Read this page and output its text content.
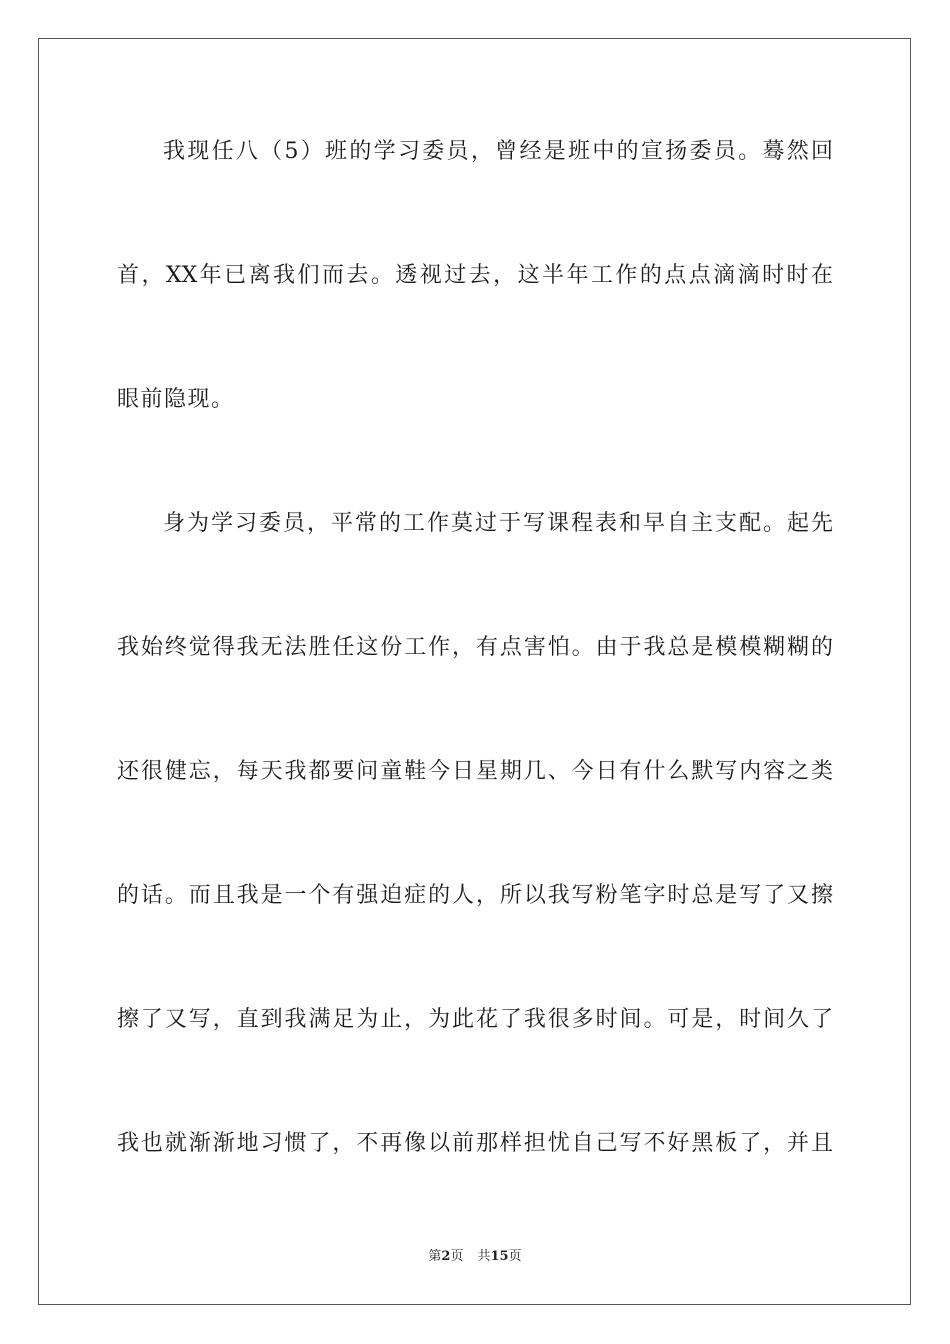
我现任八（5）班的学习委员，曾经是班中的宣扬委员。蓦然回
首，XX年已离我们而去。透视过去，这半年工作的点点滴滴时时在
眼前隐现。
身为学习委员，平常的工作莫过于写课程表和早自主支配。起先
我始终觉得我无法胜任这份工作，有点害怕。由于我总是模模糊糊的
还很健忘，每天我都要问童鞋今日星期几、今日有什么默写内容之类
的话。而且我是一个有强迫症的人，所以我写粉笔字时总是写了又擦
擦了又写，直到我满足为止，为此花了我很多时间。可是，时间久了
我也就渐渐地习惯了，不再像以前那样担忧自己写不好黑板了，并且
第2页 共15页
